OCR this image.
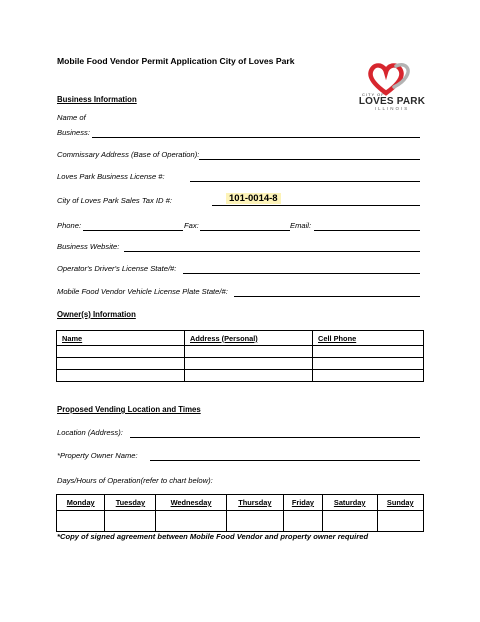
Mobile Food Vendor Permit Application City of Loves Park
CITY OF
LOVES PARK
ILLINOIS
Business Information
Name of
Business:
Commissary Address (Base of Operation):
Loves Park Business License #:
City of Loves Park Sales Tax ID #:	101-0014-8
Phone:	Fax:	Email:
Business Website:
Operator's Driver's License State/#:
Mobile Food Vendor Vehicle License Plate State/#:
Owner(s) Information
Name	Address (Personal)	Cell Phone

Proposed Vending Location and Times
Location (Address):
*Property Owner Name:
Days/Hours of Operation(refer to chart below):
Monday	Tuesday	Wednesday	Thursday	Friday	Saturday	Sunday

*Copy of signed agreement between Mobile Food Vendor and property owner required
